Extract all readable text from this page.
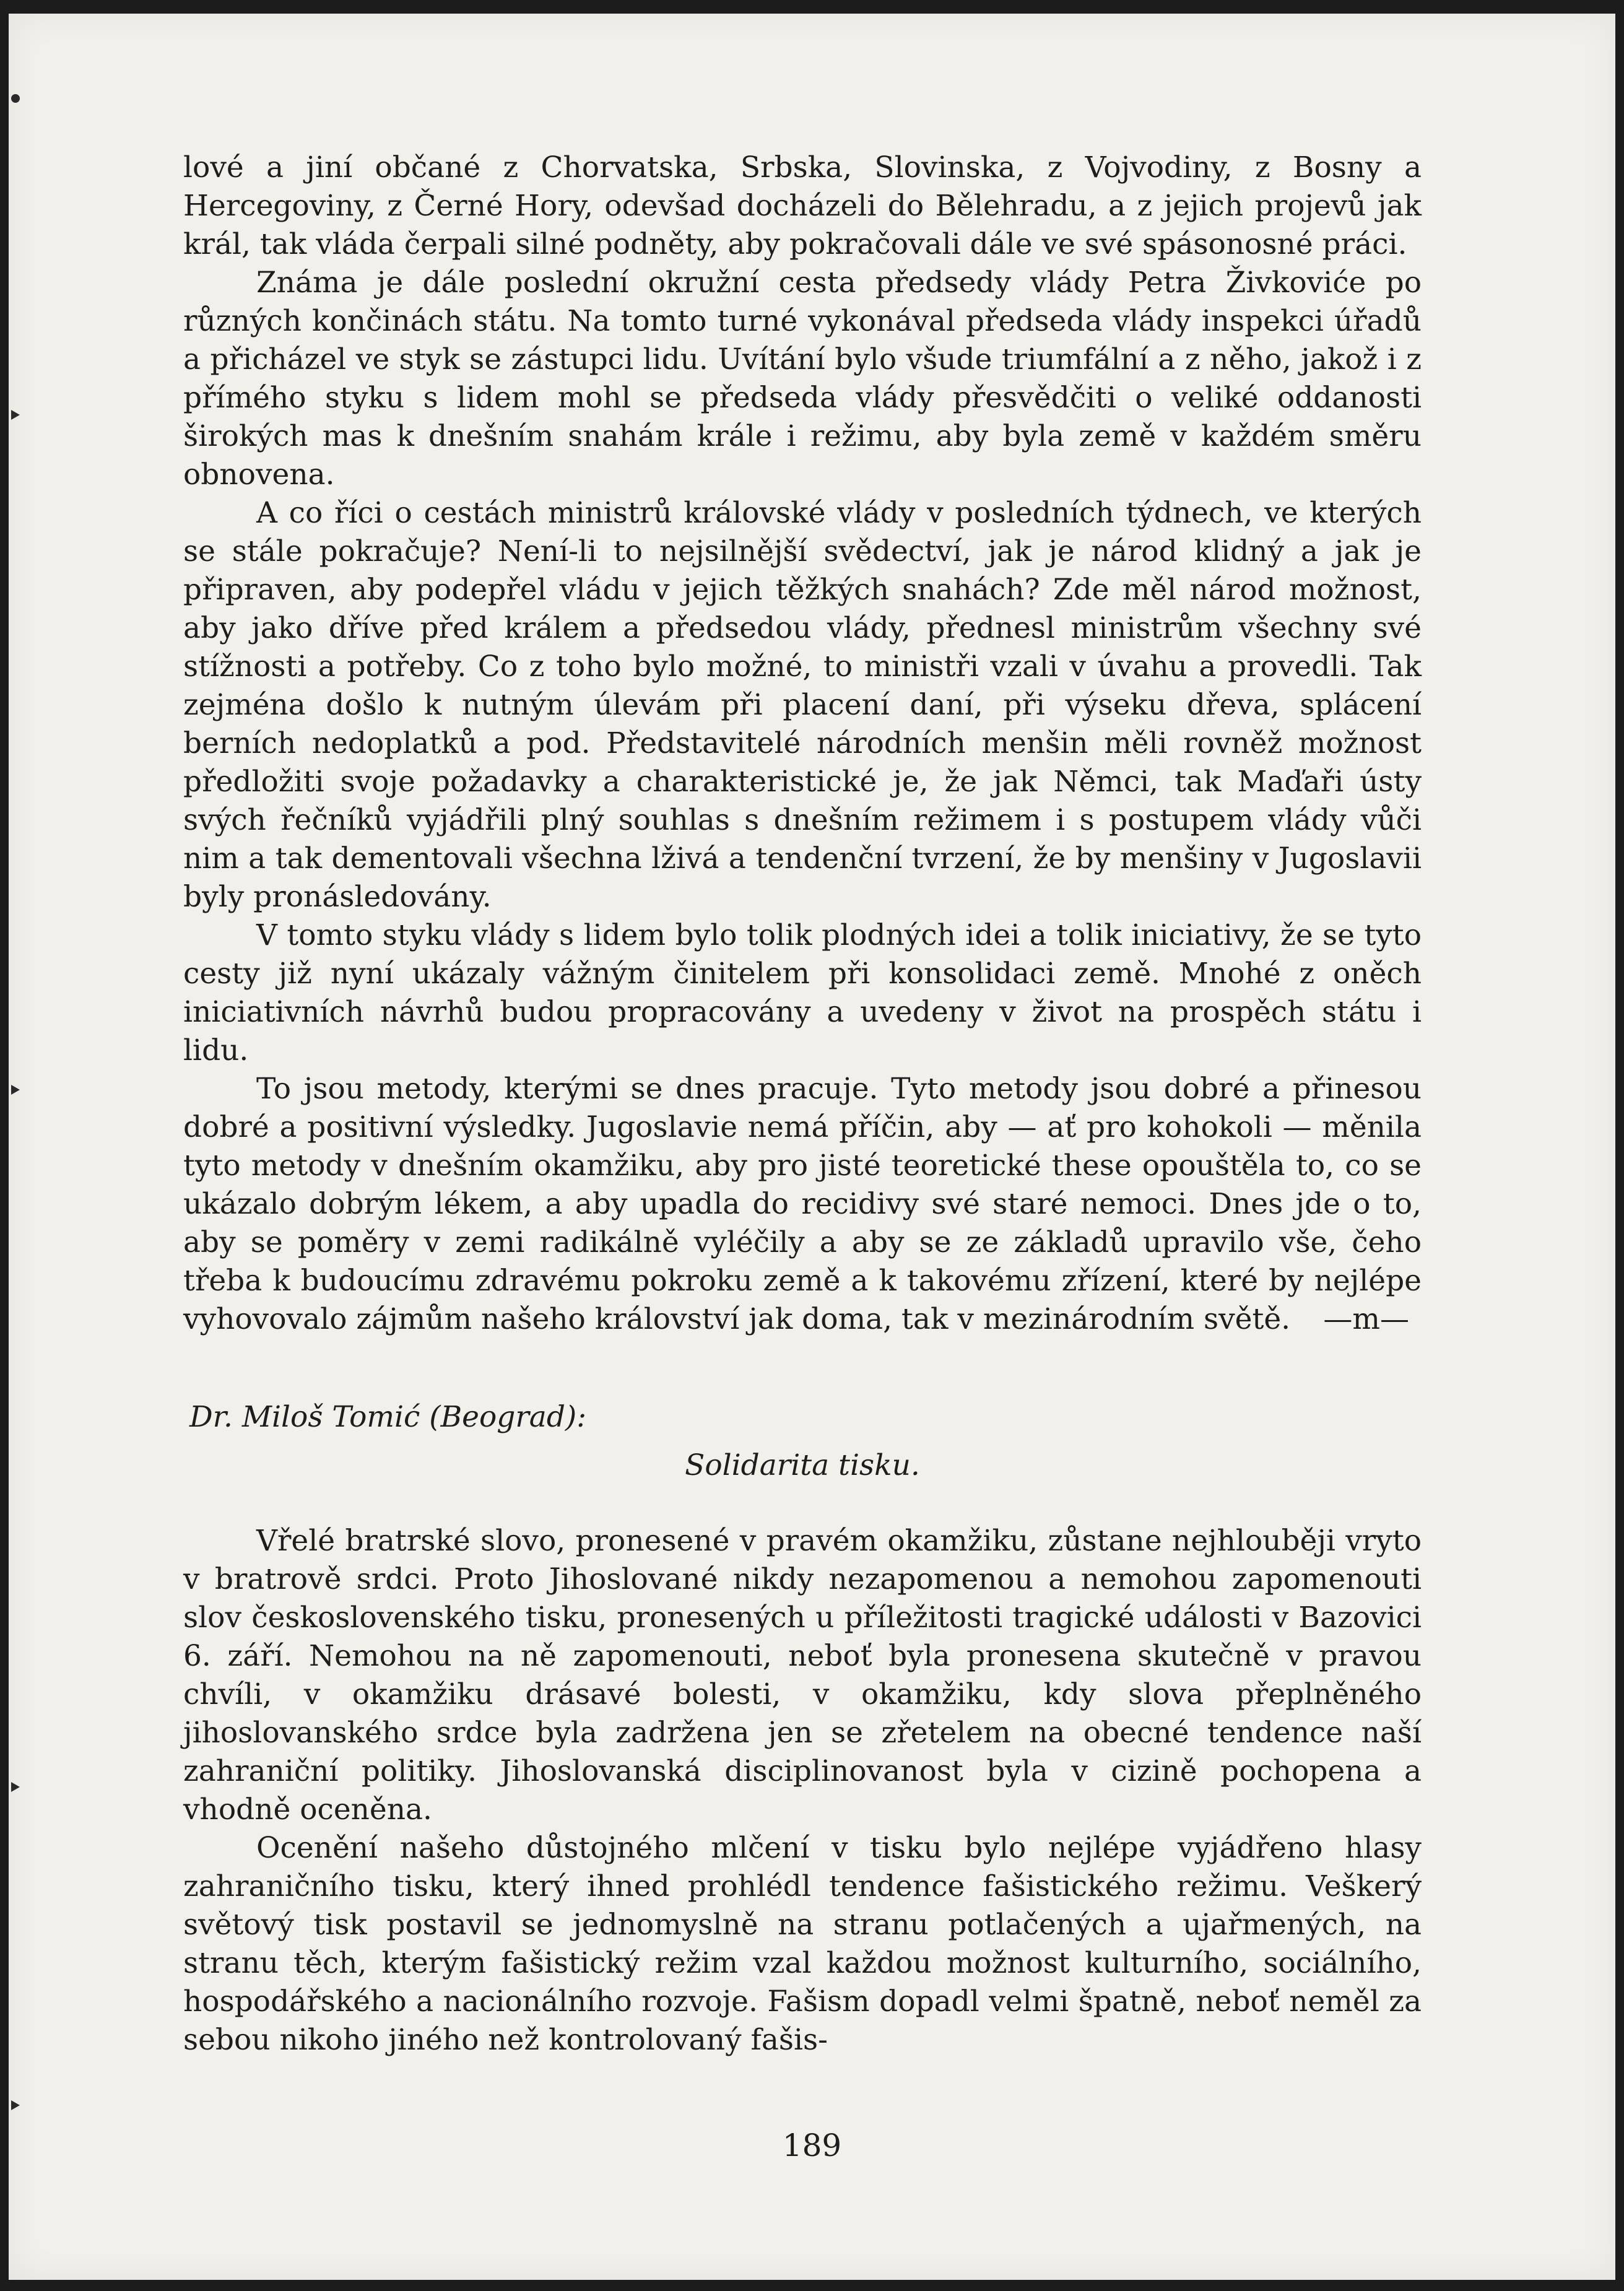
lové a jiní občané z Chorvatska, Srbska, Slovinska, z Vojvodiny, z Bosny a Hercegoviny, z Černé Hory, odevšad docházeli do Bělehradu, a z jejich projevů jak král, tak vláda čerpali silné podněty, aby pokračovali dále ve své spásonosné práci.

Známa je dále poslední okružní cesta předsedy vlády Petra Živkoviće po různých končinách státu. Na tomto turné vykonával předseda vlády inspekci úřadů a přicházel ve styk se zástupci lidu. Uvítání bylo všude triumfální a z něho, jakož i z přímého styku s lidem mohl se předseda vlády přesvědčiti o veliké oddanosti širokých mas k dnešním snahám krále i režimu, aby byla země v každém směru obnovena.

A co říci o cestách ministrů královské vlády v posledních týdnech, ve kterých se stále pokračuje? Není-li to nejsilnější svědectví, jak je národ klidný a jak je připraven, aby podepřel vládu v jejich těžkých snahách? Zde měl národ možnost, aby jako dříve před králem a předsedou vlády, přednesl ministrům všechny své stížnosti a potřeby. Co z toho bylo možné, to ministři vzali v úvahu a provedli. Tak zejména došlo k nutným úlevám při placení daní, při výseku dřeva, splácení berních nedoplatků a pod. Představitelé národních menšin měli rovněž možnost předložiti svoje požadavky a charakteristické je, že jak Němci, tak Maďaři ústy svých řečníků vyjádřili plný souhlas s dnešním režimem i s postupem vlády vůči nim a tak dementovali všechna lživá a tendenční tvrzení, že by menšiny v Jugoslavii byly pronásledovány.

V tomto styku vlády s lidem bylo tolik plodných idei a tolik iniciativy, že se tyto cesty již nyní ukázaly vážným činitelem při konsolidaci země. Mnohé z oněch iniciativních návrhů budou propracovány a uvedeny v život na prospěch státu i lidu.

To jsou metody, kterými se dnes pracuje. Tyto metody jsou dobré a přinesou dobré a positivní výsledky. Jugoslavie nemá příčin, aby — ať pro kohokoli — měnila tyto metody v dnešním okamžiku, aby pro jisté teoretické these opouštěla to, co se ukázalo dobrým lékem, a aby upadla do recidivy své staré nemoci. Dnes jde o to, aby se poměry v zemi radikálně vyléčily a aby se ze základů upravilo vše, čeho třeba k budoucímu zdravému pokroku země a k takovému zřízení, které by nejlépe vyhovovalo zájmům našeho království jak doma, tak v mezinárodním světě.	—m—

Dr. Miloš Tomić (Beograd):

Solidarita tisku.

Vřelé bratrské slovo, pronesené v pravém okamžiku, zůstane nejhlouběji vryto v bratrově srdci. Proto Jihoslované nikdy nezapomenou a nemohou zapomenouti slov československého tisku, pronesených u příležitosti tragické události v Bazovici 6. září. Nemohou na ně zapomenouti, neboť byla pronesena skutečně v pravou chvíli, v okamžiku drásavé bolesti, v okamžiku, kdy slova přeplněného jihoslovanského srdce byla zadržena jen se zřetelem na obecné tendence naší zahraniční politiky. Jihoslovanská disciplinovanost byla v cizině pochopena a vhodně oceněna.

Ocenění našeho důstojného mlčení v tisku bylo nejlépe vyjádřeno hlasy zahraničního tisku, který ihned prohlédl tendence fašistického režimu. Veškerý světový tisk postavil se jednomyslně na stranu potlačených a ujařmených, na stranu těch, kterým fašistický režim vzal každou možnost kulturního, sociálního, hospodářského a nacionálního rozvoje. Fašism dopadl velmi špatně, neboť neměl za sebou nikoho jiného než kontrolovaný fašis-

189
